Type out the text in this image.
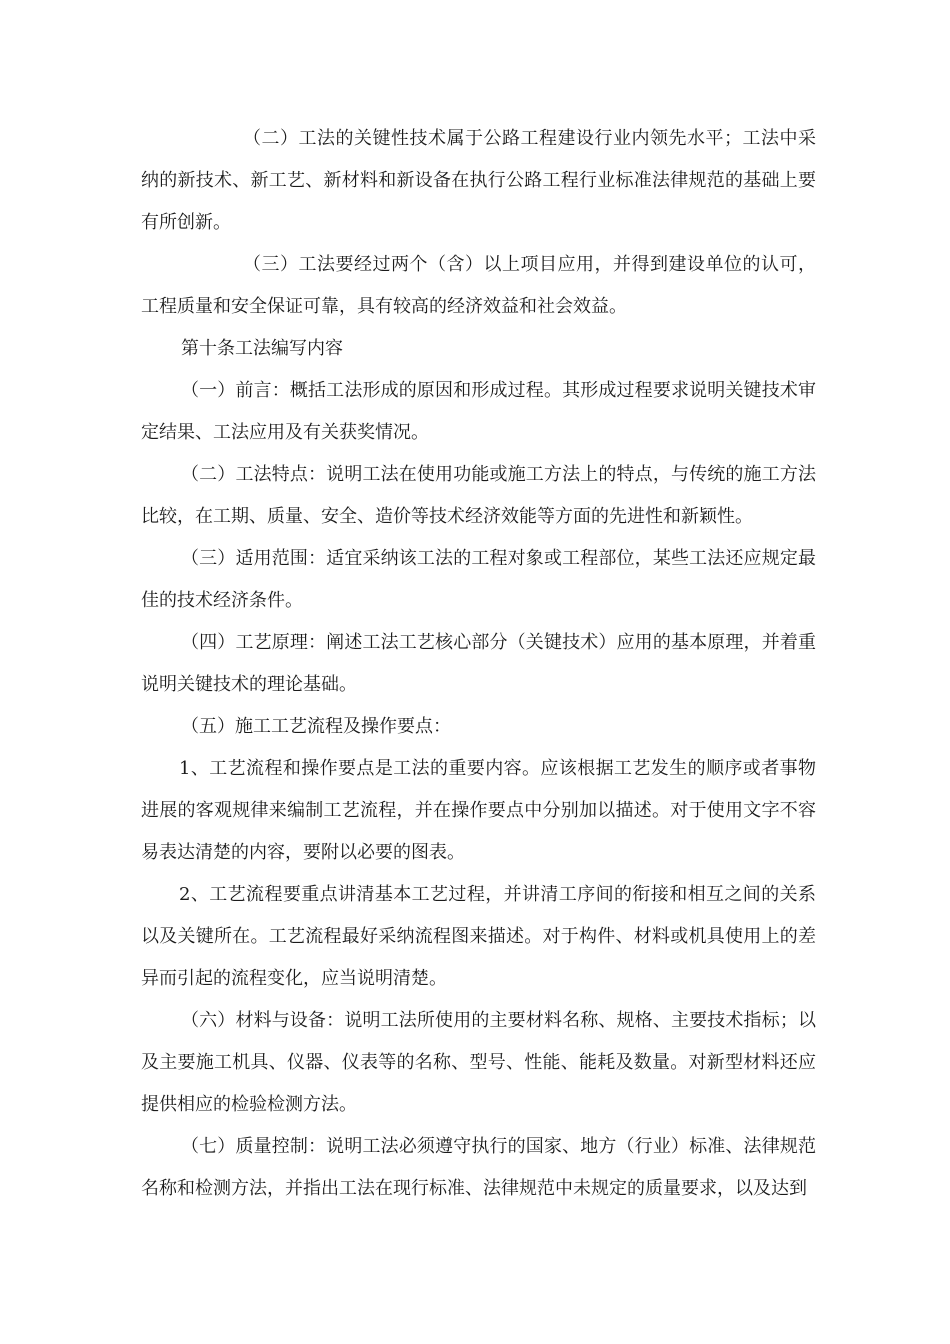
（二）工法的关键性技术属于公路工程建设行业内领先水平；工法中采纳的新技术、新工艺、新材料和新设备在执行公路工程行业标准法律规范的基础上要有所创新。

（三）工法要经过两个（含）以上项目应用，并得到建设单位的认可，工程质量和安全保证可靠，具有较高的经济效益和社会效益。

第十条工法编写内容

（一）前言：概括工法形成的原因和形成过程。其形成过程要求说明关键技术审定结果、工法应用及有关获奖情况。

（二）工法特点：说明工法在使用功能或施工方法上的特点，与传统的施工方法比较，在工期、质量、安全、造价等技术经济效能等方面的先进性和新颖性。

（三）适用范围：适宜采纳该工法的工程对象或工程部位，某些工法还应规定最佳的技术经济条件。

（四）工艺原理：阐述工法工艺核心部分（关键技术）应用的基本原理，并着重说明关键技术的理论基础。

（五）施工工艺流程及操作要点：

1、工艺流程和操作要点是工法的重要内容。应该根据工艺发生的顺序或者事物进展的客观规律来编制工艺流程，并在操作要点中分别加以描述。对于使用文字不容易表达清楚的内容，要附以必要的图表。

2、工艺流程要重点讲清基本工艺过程，并讲清工序间的衔接和相互之间的关系以及关键所在。工艺流程最好采纳流程图来描述。对于构件、材料或机具使用上的差异而引起的流程变化，应当说明清楚。

（六）材料与设备：说明工法所使用的主要材料名称、规格、主要技术指标；以及主要施工机具、仪器、仪表等的名称、型号、性能、能耗及数量。对新型材料还应提供相应的检验检测方法。

（七）质量控制：说明工法必须遵守执行的国家、地方（行业）标准、法律规范名称和检测方法，并指出工法在现行标准、法律规范中未规定的质量要求，以及达到
